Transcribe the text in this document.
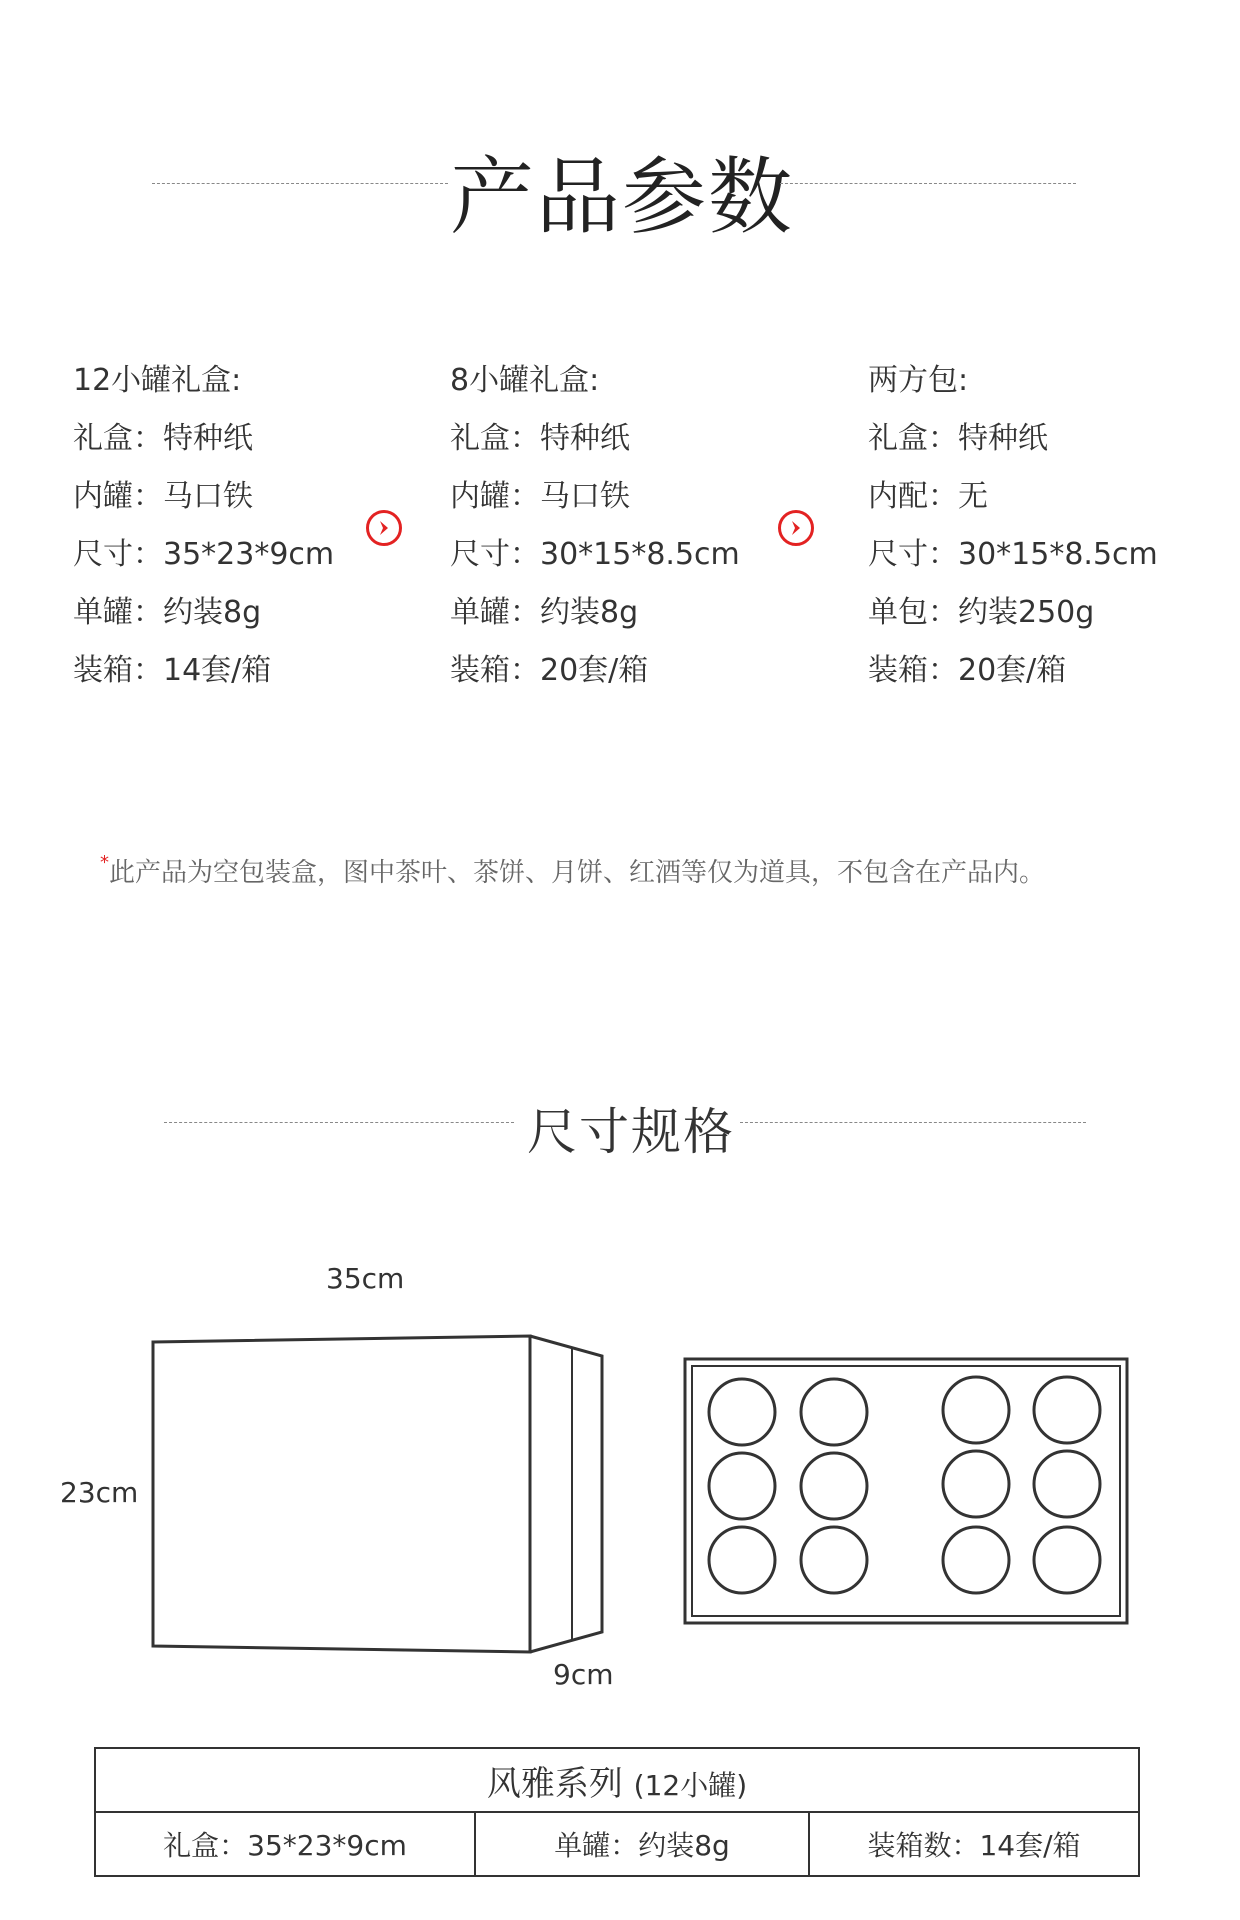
产品参数
12小罐礼盒:
礼盒：特种纸
内罐：马口铁
尺寸：35*23*9cm
单罐：约装8g
装箱：14套/箱
8小罐礼盒:
礼盒：特种纸
内罐：马口铁
尺寸：30*15*8.5cm
单罐：约装8g
装箱：20套/箱
两方包:
礼盒：特种纸
内配：无
尺寸：30*15*8.5cm
单包：约装250g
装箱：20套/箱
*此产品为空包装盒，图中茶叶、茶饼、月饼、红酒等仅为道具，不包含在产品内。
尺寸规格
35cm
23cm
9cm
风雅系列 (12小罐)
礼盒：35*23*9cm	单罐：约装8g	装箱数：14套/箱
